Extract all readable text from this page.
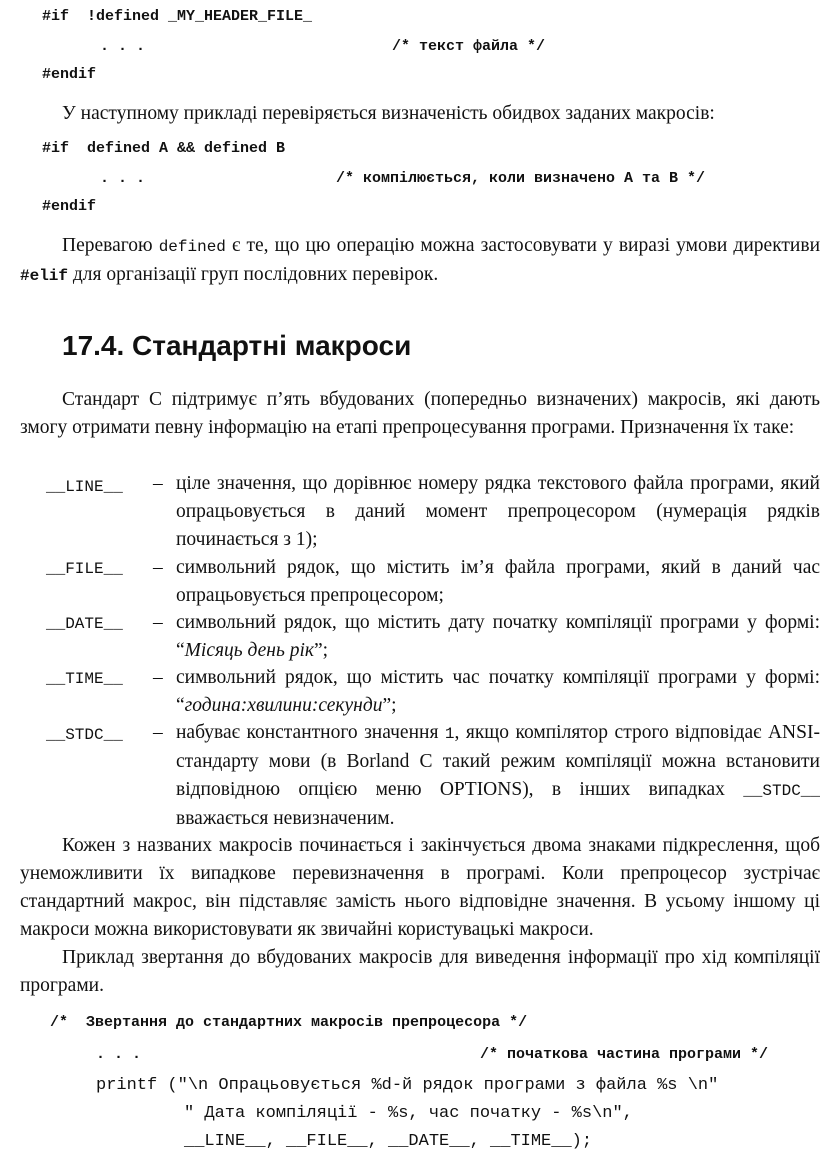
#if  !defined _MY_HEADER_FILE_
. . .	/* текст файла */
#endif
У наступному прикладі перевіряється визначеність обидвох заданих макросів:
#if  defined A && defined B
. . .	/* компілюється, коли визначено A та B */
#endif
Перевагою defined є те, що цю операцію можна застосовувати у виразі умови директиви #elif для організації груп послідовних перевірок.
17.4. Стандартні макроси
Стандарт С підтримує п’ять вбудованих (попередньо визначених) макросів, які дають змогу отримати певну інформацію на етапі препроцесування програми. Призначення їх таке:
__LINE__ – ціле значення, що дорівнює номеру рядка текстового файла програми, який опрацьовується в даний момент препроцесором (нумерація рядків починається з 1);
__FILE__ – символьний рядок, що містить ім’я файла програми, який в даний час опрацьовується препроцесором;
__DATE__ – символьний рядок, що містить дату початку компіляції програми у формі: “Місяць день рік”;
__TIME__ – символьний рядок, що містить час початку компіляції програми у формі: “година:хвилини:секунди”;
__STDC__ – набуває константного значення 1, якщо компілятор строго відповідає ANSI-стандарту мови (в Borland C такий режим компіляції можна встановити відповідною опцією меню OPTIONS), в інших випадках __STDC__ вважається невизначеним.
Кожен з названих макросів починається і закінчується двома знаками підкреслення, щоб унеможливити їх випадкове перевизначення в програмі. Коли препроцесор зустрічає стандартний макрос, він підставляє замість нього відповідне значення. В усьому іншому ці макроси можна використовувати як звичайні користувацькі макроси.
Приклад звертання до вбудованих макросів для виведення інформації про хід компіляції програми.
/*  Звертання до стандартних макросів препроцесора */
. . .	/* початкова частина програми */
printf ("\n Опрацьовується %d-й рядок програми з файла %s \n"
" Дата компіляції - %s, час початку - %s\n",
__LINE__, __FILE__, __DATE__, __TIME__);
